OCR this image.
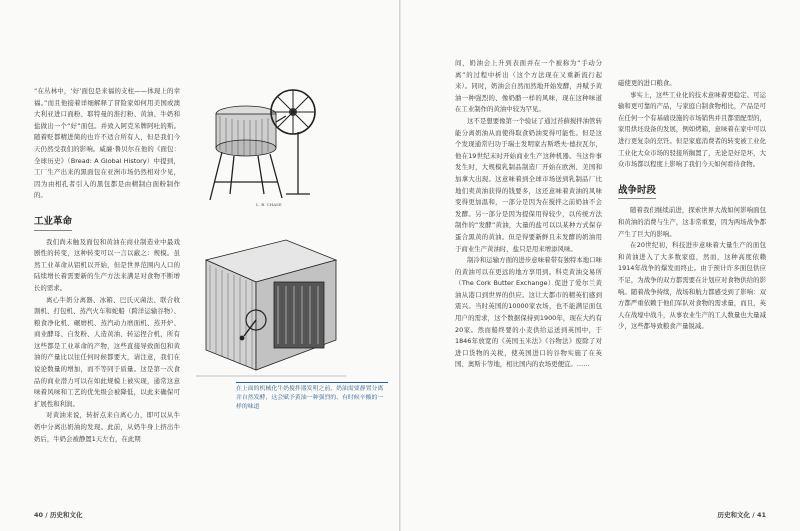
“在丛林中，‘好’面包是来福的支柱——体现上的幸福。”而且他接着详细解释了冒险家如何用美国或澳大利亚进口面粉、耶特曼的淮打粉、黄油、牛奶和盐做出一个“好”面包。并致入阿克米牌阿吐的斯。随着贬都精进简的也许不适合所有人，但是我们今天仍然受我们的影响。威廉·鲁贝尔在他的《面包：全球历史》（Bread: A Global History）中提到，工厂生产出来的黑面包在亚洲市场仍然相对少见，因为由相孔者引入的黑包都是由精制白面粉制作的。

工业革命

我们尚未触及面包和黄油在商业制造业中最戏剧性的转变，这种转变可以一言以蔽之：规模。虽然工业革命从铝机以开始，但是世界范围内人口的陆续增长着需要新的生产方法来满足对食物不断增长的需求。

离心牛奶分离器、冰箱、巴氏灭菌法、联合收割机、打包机、蒸汽火车和蛇船（跨洋运输谷物）、粮食净化机、碾磨机、蒸汽动力磨面机、蒸开炉、商业酵母、自发粉、人造黄油、转运捏合机，所有这些都是工业革命的产物，这些直接导致面包和黄油的产量比以往任何时候都要大，请注意，我们在说论数量的增加，而不等同于质量。这是第一次食品的商业潜力可以在如此规模上被实现，通常这意味着风味和工艺的优先级会被降低，以此来确保可扩展性和利润。

对黄油来说，转折点来自离心力，即可以从牛奶中分离出奶油的发现。此前，从奶牛身上挤出牛奶后，牛奶会被静置1天左右，在此期

L. B. CHASE
在上面的机械化牛奶搅拌器发明之前，奶油需要静置分离并自然发酵，这会赋予黄油一种强烈的、有时候辛酸的一样的味道
40 / 历史和文化

间，奶油会上升到表面并在一个被称为“手动分离”的过程中析出（这个方法现在又重新流行起来）。同时，奶油会自然而然地开始发酵，并赋予黄油一种强烈的、像奶酪一样的风味，现在这种味道在工业制作的黄油中较为罕见。

这不是想要像第一个验证了通过苔藓搅拌油管转能分离奶油从而使得取食奶油变得可能性。但是这个发现通常归功于瑞士发明家古斯塔夫·德拉瓦尔，他在19世纪末时开始商业生产这种机器。当这件事发生时，大规模乳制品制造厂开始在欧洲、美国和加拿大出现。这意味着到全球市场送到乳制品厂比地们卖黄油获得的钱要多，这还意味着黄油的风味变得更加温和，一部分是因为在搅拌之前奶油不会发酵。另一部分是因为提保用得较少，以传统方法制作的“发酵”黄油，大量的盐可以以某种方式保存蛋合黑黄的黄油。但是得要新鲜且未发酵的奶油用于商业生产黄油时，盐只是用来增添风味。

制冷和运输方面的进步意味着带有独特本地口味的黄油可以在更远的地方享用到。科克黄油交易所（The Cork Butter Exchange）促进了爱尔兰黄油从港口到世界的供应。这让大都市的精英们感到震兴。当时英国的10000家农场，也不能满足面包用户的需求，这个数据保持到1900年，现在大约有20家。然而船终要的小麦供给运送到英国中，于1846年放宽的《英国玉米法》《谷物法》废除了对进口货物的关税，使英国进口的谷物实施了在英国、奥斯卡等地，相比国内的农场更便宜。……

磁使更的进口粮食。

事实上，这些工业化的技术意味着更稳定、可运输和更可靠的产品，与家庭自制食物相比，产品是可在任何一个有基础设施的市场销售并且都需配型的，家用烘坯设备的发展，例如烤箱，意味着在家中可以进行更复杂的烹饪。但是家庭消费者的转变被工业化工业化大众市场的驳接所搁置了，无论是好是坏，大众市场都以程度上影响了我们今天如何看待食物。

战争时段

随着我们继续前进，探索世界大战如何影响面包和黄油的消费与生产，这非常重要，因为两场战争都产生了巨大的影响。

在20世纪初，科技进步意味着大量生产的面包和黄油进入了大多数家庭，然而，这种高度依赖1914年战争的爆发而终止。由于预计许多面包供应不足，为战争的双方都需要在计划应对食物供给的影响。随着战争持续，战场和航力都感受到了影响：双方都严重依赖于他们军队对食物的需求量，而且，英人在战壕中战斗，从事农业生产的工人数量也大量减少，这些都导致粮食产量锐减。

历史和文化 / 41
